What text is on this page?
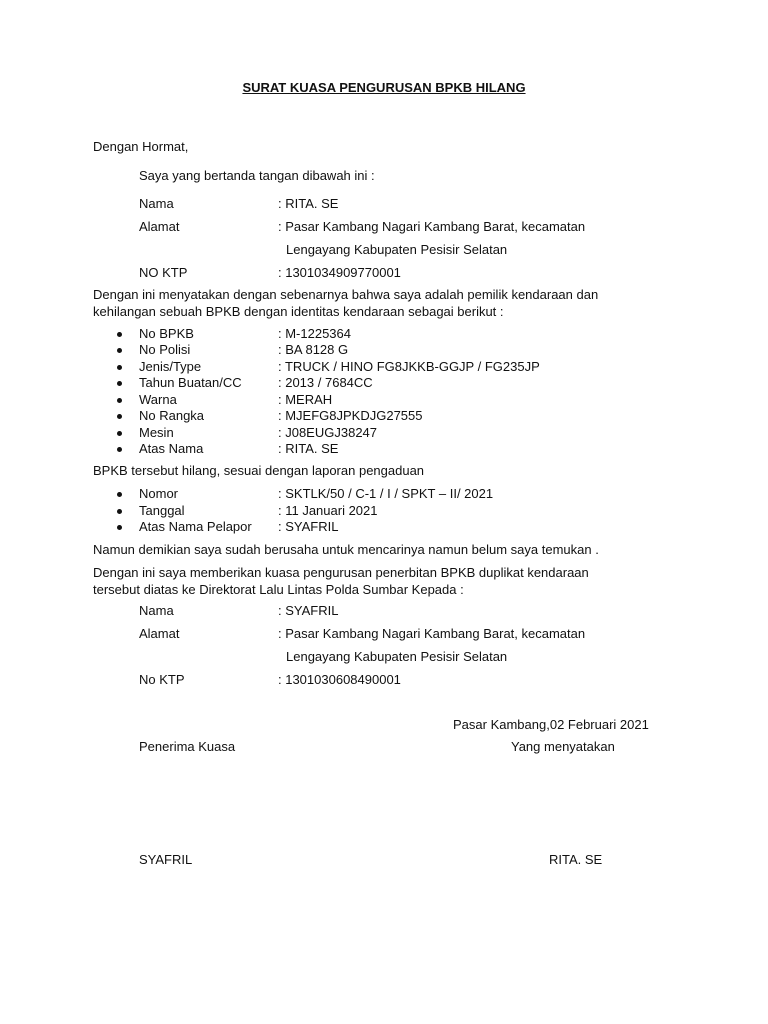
SURAT KUASA PENGURUSAN BPKB HILANG
Dengan Hormat,
Saya yang bertanda tangan dibawah ini :
Nama	: RITA. SE
Alamat	: Pasar Kambang Nagari Kambang Barat, kecamatan
Lengayang Kabupaten Pesisir Selatan
NO KTP	: 1301034909770001
Dengan ini menyatakan dengan sebenarnya bahwa saya adalah pemilik kendaraan dan
kehilangan sebuah BPKB dengan identitas kendaraan sebagai berikut :
No BPKB	: M-1225364
No Polisi	: BA 8128 G
Jenis/Type	: TRUCK / HINO FG8JKKB-GGJP / FG235JP
Tahun Buatan/CC	: 2013 / 7684CC
Warna	: MERAH
No Rangka	: MJEFG8JPKDJG27555
Mesin	: J08EUGJ38247
Atas Nama	: RITA. SE
BPKB tersebut hilang, sesuai dengan laporan pengaduan
Nomor	: SKTLK/50 / C-1 / I / SPKT – II/ 2021
Tanggal	: 11 Januari 2021
Atas Nama Pelapor : SYAFRIL
Namun demikian saya sudah berusaha untuk mencarinya namun belum saya temukan .
Dengan ini saya memberikan kuasa pengurusan penerbitan BPKB duplikat kendaraan
tersebut diatas ke Direktorat Lalu Lintas Polda Sumbar Kepada :
Nama	: SYAFRIL
Alamat	: Pasar Kambang Nagari Kambang Barat, kecamatan
Lengayang Kabupaten Pesisir Selatan
No KTP	: 1301030608490001
Pasar Kambang,02 Februari 2021
Penerima Kuasa	Yang menyatakan
SYAFRIL	RITA. SE
